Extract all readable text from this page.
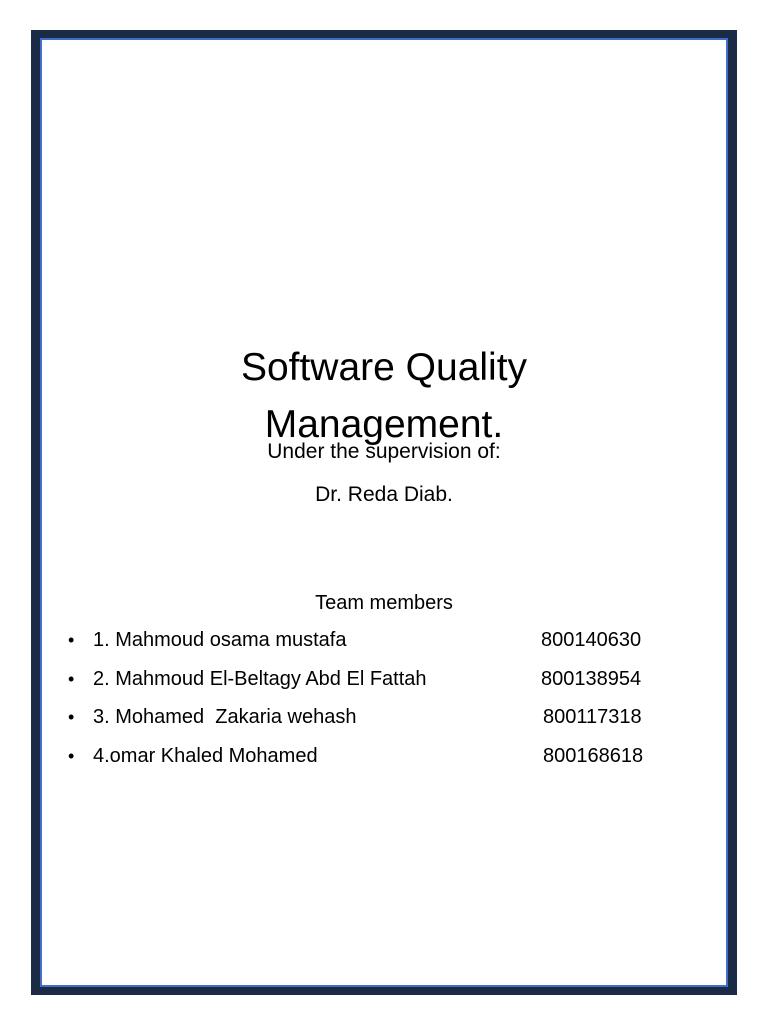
Software Quality
Management.
Under the supervision of:
Dr. Reda Diab.
Team members
• 1. Mahmoud osama mustafa	800140630
• 2. Mahmoud El-Beltagy Abd El Fattah	800138954
• 3. Mohamed  Zakaria wehash	800117318
• 4.omar Khaled Mohamed	800168618
